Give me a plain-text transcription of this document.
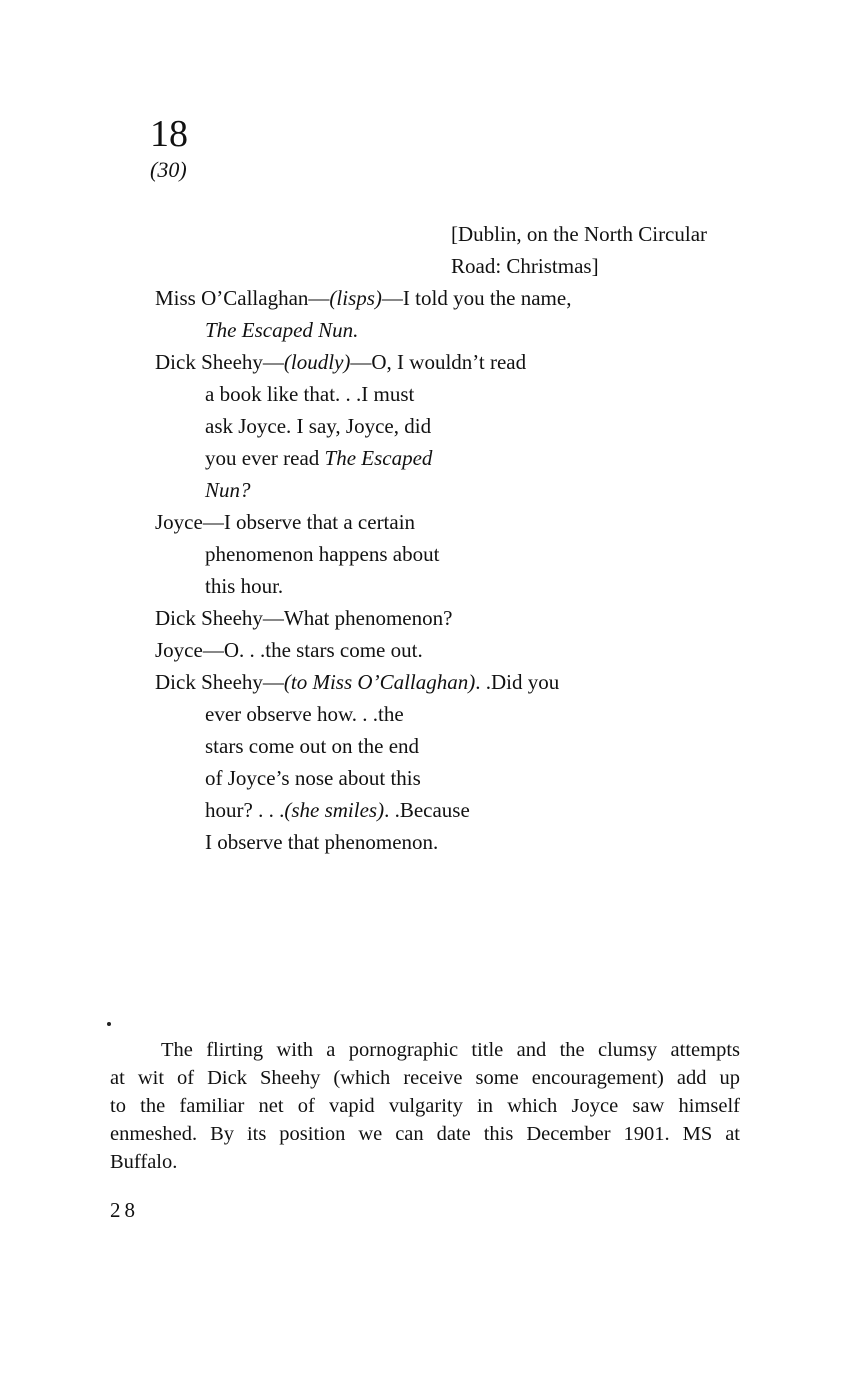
18
(30)
[Dublin, on the North Circular
Road: Christmas]
Miss O’Callaghan—(lisps)—I told you the name,
The Escaped Nun.
Dick Sheehy—(loudly)—O, I wouldn’t read
a book like that. . .I must
ask Joyce. I say, Joyce, did
you ever read The Escaped
Nun?
Joyce—I observe that a certain
phenomenon happens about
this hour.
Dick Sheehy—What phenomenon?
Joyce—O. . .the stars come out.
Dick Sheehy—(to Miss O’Callaghan). .Did you
ever observe how. . .the
stars come out on the end
of Joyce’s nose about this
hour? . . .(she smiles). .Because
I observe that phenomenon.
The flirting with a pornographic title and the clumsy attempts
at wit of Dick Sheehy (which receive some encouragement) add up
to the familiar net of vapid vulgarity in which Joyce saw himself
enmeshed. By its position we can date this December 1901. MS at
Buffalo.
28
